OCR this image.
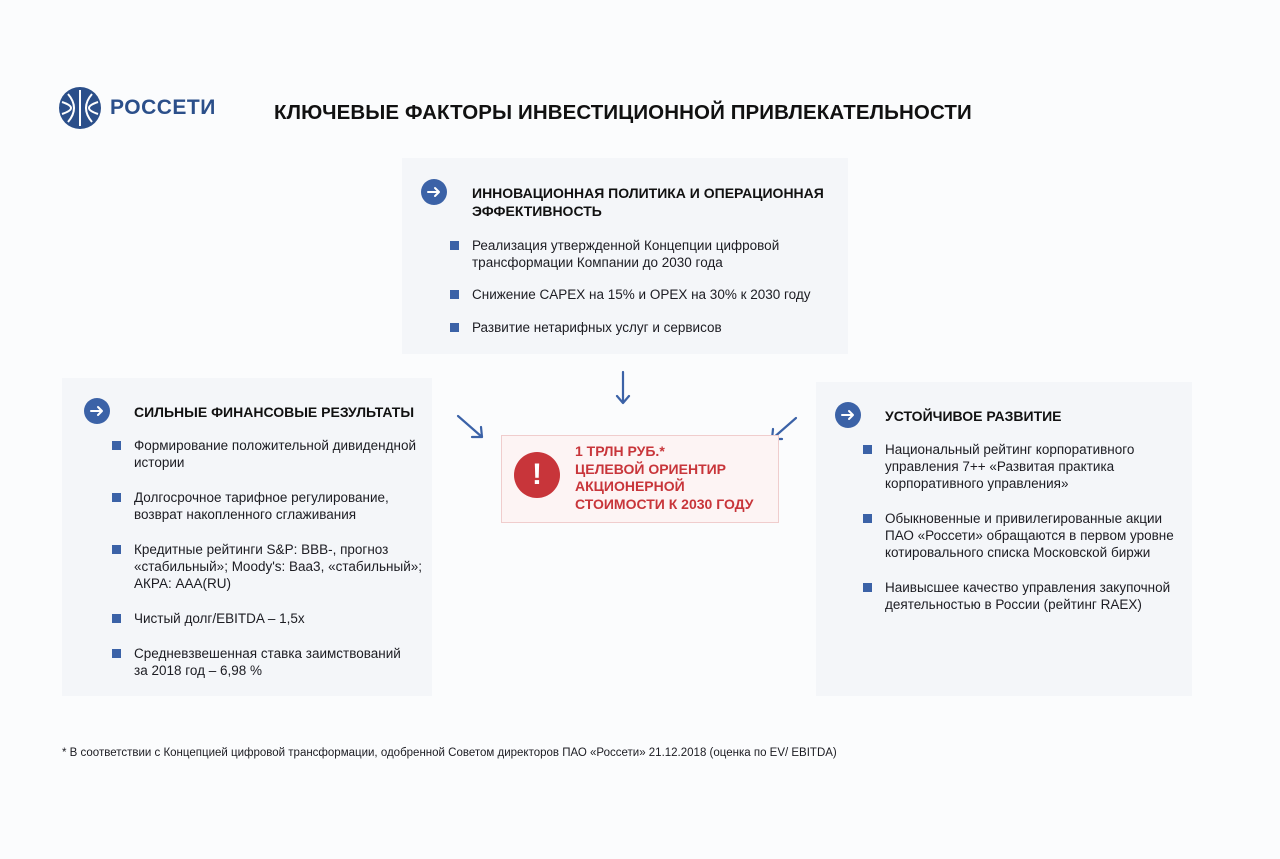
РОССЕТИ	КЛЮЧЕВЫЕ ФАКТОРЫ ИНВЕСТИЦИОННОЙ ПРИВЛЕКАТЕЛЬНОСТИ
ИННОВАЦИОННАЯ ПОЛИТИКА И ОПЕРАЦИОННАЯ
ЭФФЕКТИВНОСТЬ
Реализация утвержденной Концепции цифровой
трансформации Компании до 2030 года
Снижение CAPEX на 15% и OPEX на 30% к 2030 году
Развитие нетарифных услуг и сервисов
СИЛЬНЫЕ ФИНАНСОВЫЕ РЕЗУЛЬТАТЫ
Формирование положительной дивидендной
истории
Долгосрочное тарифное регулирование,
возврат накопленного сглаживания
Кредитные рейтинги S&P: BBB-, прогноз
«стабильный»; Moody's: Baa3, «стабильный»;
АКРА: AAA(RU)
Чистый долг/EBITDA – 1,5x
Средневзвешенная ставка заимствований
за 2018 год – 6,98 %
УСТОЙЧИВОЕ РАЗВИТИЕ
Национальный рейтинг корпоративного
управления 7++ «Развитая практика
корпоративного управления»
Обыкновенные и привилегированные акции
ПАО «Россети» обращаются в первом уровне
котировального списка Московской биржи
Наивысшее качество управления закупочной
деятельностью в России (рейтинг RAEX)
!
1 ТРЛН РУБ.*
ЦЕЛЕВОЙ ОРИЕНТИР
АКЦИОНЕРНОЙ
СТОИМОСТИ К 2030 ГОДУ
* В соответствии с Концепцией цифровой трансформации, одобренной Советом директоров ПАО «Россети» 21.12.2018 (оценка по EV/ EBITDA)
